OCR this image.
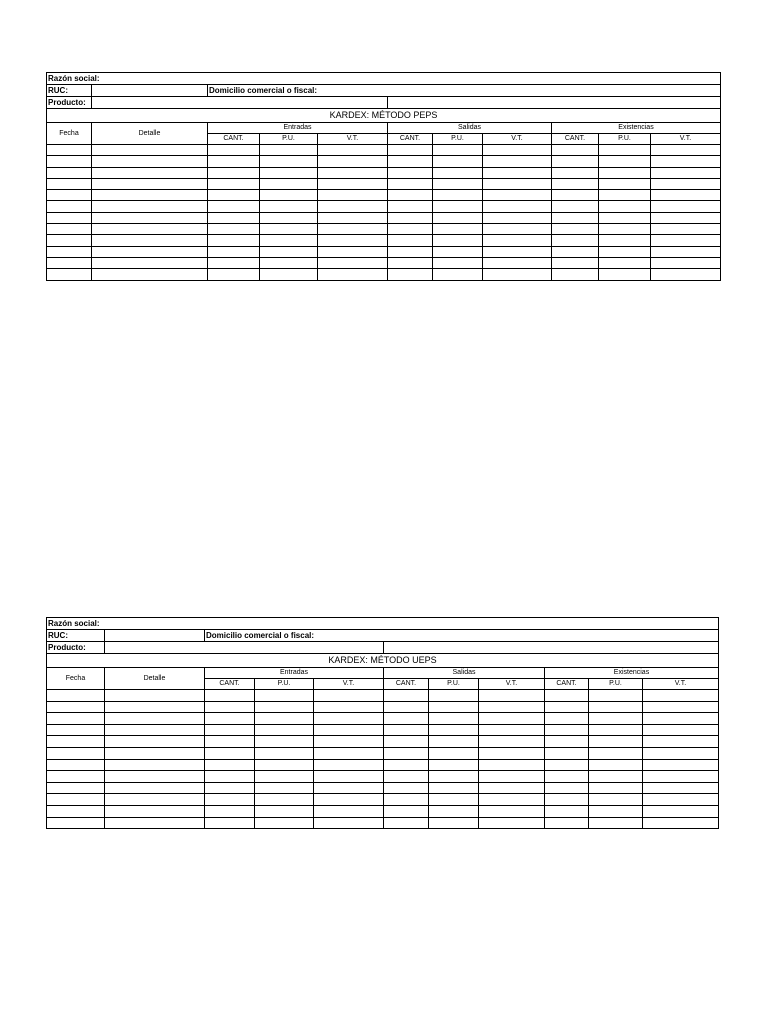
Razón social:			
RUC:		Domicilio comercial o fiscal:	
Producto:			
KARDEX: MÉTODO PEPS										
Fecha	Detalle	Entradas			Salidas			Existencias		
		CANT.	P.U.	V.T.	CANT.	P.U.	V.T.	CANT.	P.U.	V.T.

Razón social:			
RUC:		Domicilio comercial o fiscal:	
Producto:			
KARDEX: MÉTODO UEPS										
Fecha	Detalle	Entradas			Salidas			Existencias		
		CANT.	P.U.	V.T.	CANT.	P.U.	V.T.	CANT.	P.U.	V.T.
